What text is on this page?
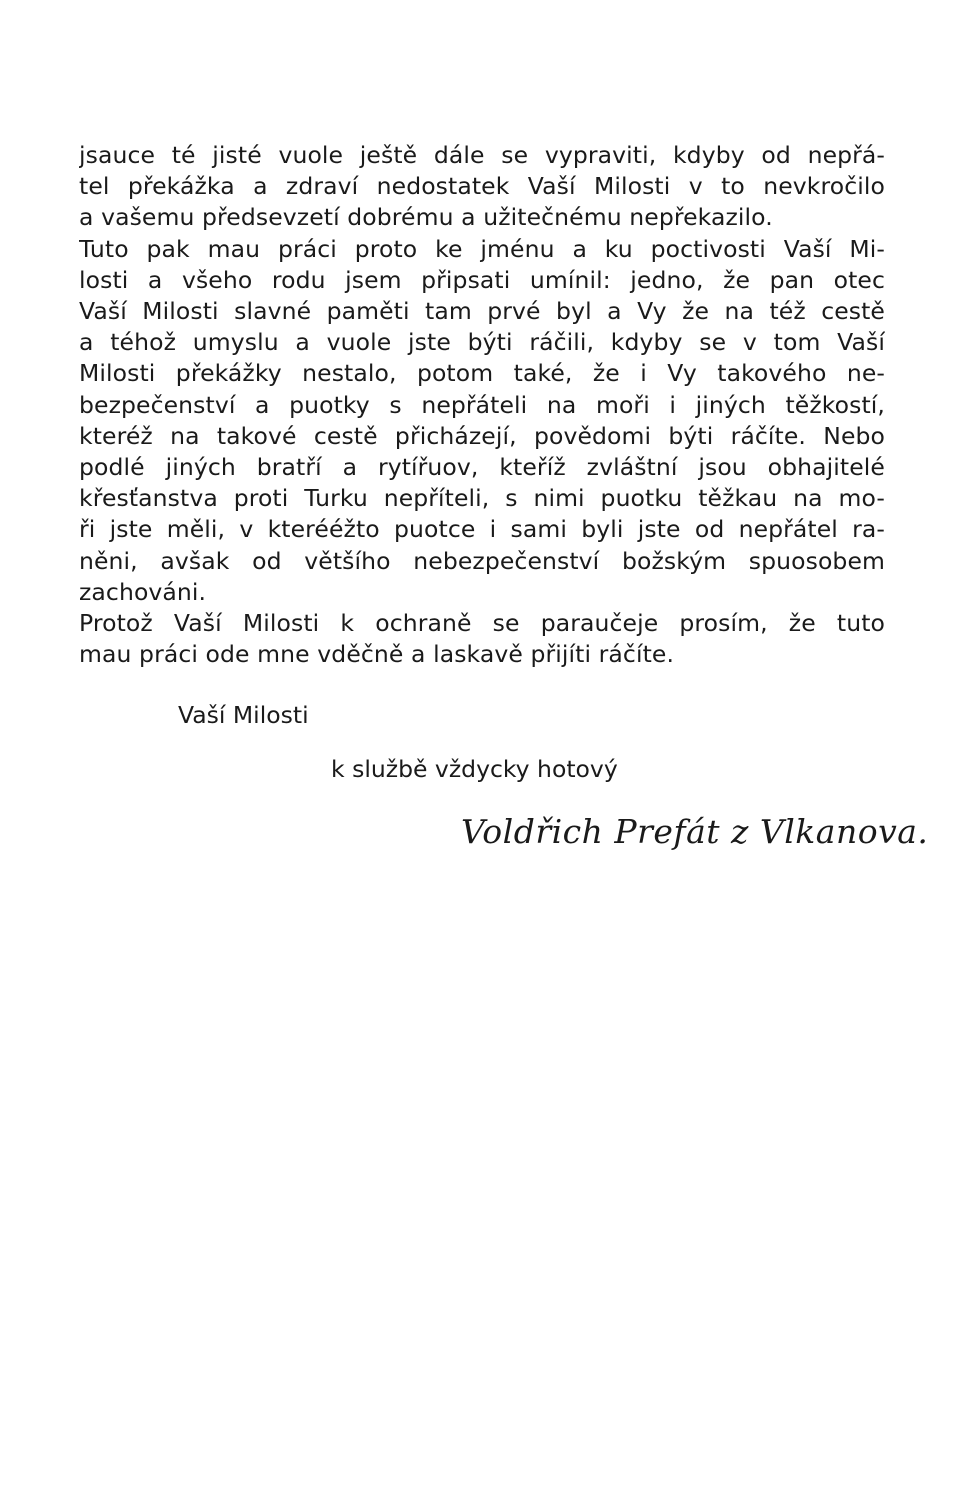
jsauce té jisté vuole ještě dále se vypraviti, kdyby od nepřá-
tel překážka a zdraví nedostatek Vaší Milosti v to nevkročilo
a vašemu předsevzetí dobrému a užitečnému nepřekazilo.
Tuto pak mau práci proto ke jménu a ku poctivosti Vaší Mi-
losti a všeho rodu jsem připsati umínil: jedno, že pan otec
Vaší Milosti slavné paměti tam prvé byl a Vy že na též cestě
a téhož umyslu a vuole jste býti ráčili, kdyby se v tom Vaší
Milosti překážky nestalo, potom také, že i Vy takového ne-
bezpečenství a puotky s nepřáteli na moři i jiných těžkostí,
kteréž na takové cestě přicházejí, povědomi býti ráčíte. Nebo
podlé jiných bratří a rytířuov, kteříž zvláštní jsou obhajitelé
křesťanstva proti Turku nepříteli, s nimi puotku těžkau na mo-
ři jste měli, v kterééžto puotce i sami byli jste od nepřátel ra-
něni, avšak od většího nebezpečenství božským spuosobem
zachováni.
Protož Vaší Milosti k ochraně se paraučeje prosím, že tuto
mau práci ode mne vděčně a laskavě přijíti ráčíte.
Vaší Milosti
k službě vždycky hotový
Voldřich Prefát z Vlkanova.
